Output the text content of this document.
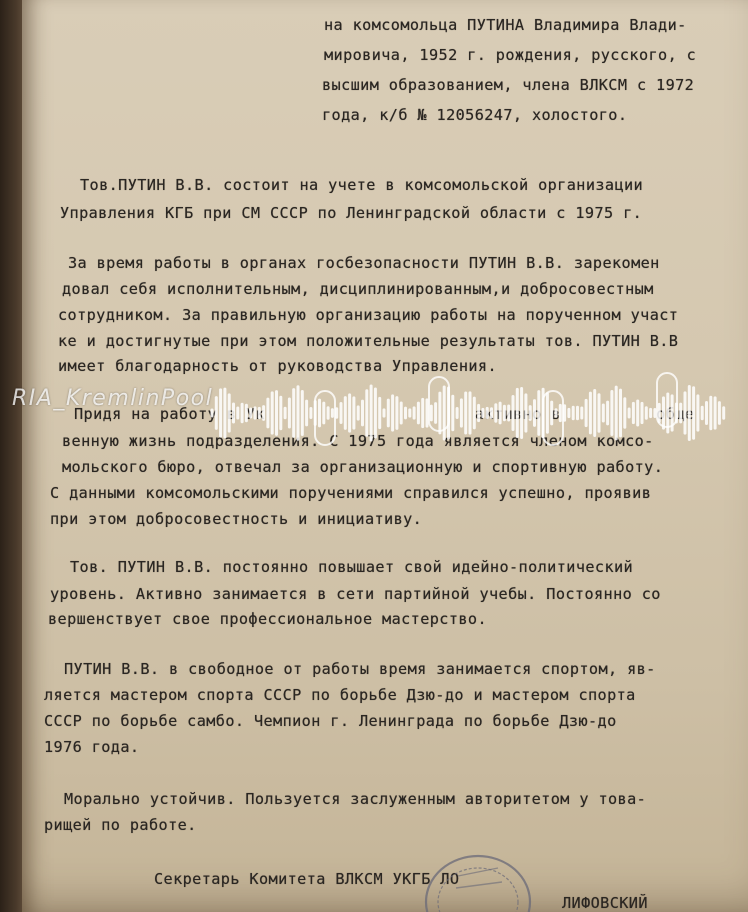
на комсомольца ПУТИНА Владимира Влади-
мировича, 1952 г. рождения, русского, с
высшим образованием, члена ВЛКСМ с 1972
года, к/б № 12056247, холостого.
Тов.ПУТИН В.В. состоит на учете в комсомольской организации
Управления КГБ при СМ СССР по Ленинградской области с 1975 г.
За время работы в органах госбезопасности ПУТИН В.В. зарекомен
довал себя исполнительным, дисциплинированным,и добросовестным
сотрудником. За правильную организацию работы на порученном участ
ке и достигнутые при этом положительные результаты тов. ПУТИН В.В
имеет благодарность от руководства Управления.
Придя на работу в Ук                      активно в          обще
венную жизнь подразделения. С 1975 года является членом комсо-
мольского бюро, отвечал за организационную и спортивную работу.
С данными комсомольскими поручениями справился успешно, проявив
при этом добросовестность и инициативу.
Тов. ПУТИН В.В. постоянно повышает свой идейно-политический
уровень. Активно занимается в сети партийной учебы. Постоянно со
вершенствует свое профессиональное мастерство.
ПУТИН В.В. в свободное от работы время занимается спортом, яв-
ляется мастером спорта СССР по борьбе Дзю-до и мастером спорта
СССР по борьбе самбо. Чемпион г. Ленинграда по борьбе Дзю-до
1976 года.
Морально устойчив. Пользуется заслуженным авторитетом у това-
рищей по работе.
Секретарь Комитета ВЛКСМ УКГБ ЛО
ЛИФОВСКИЙ
RIA_KremlinPool
